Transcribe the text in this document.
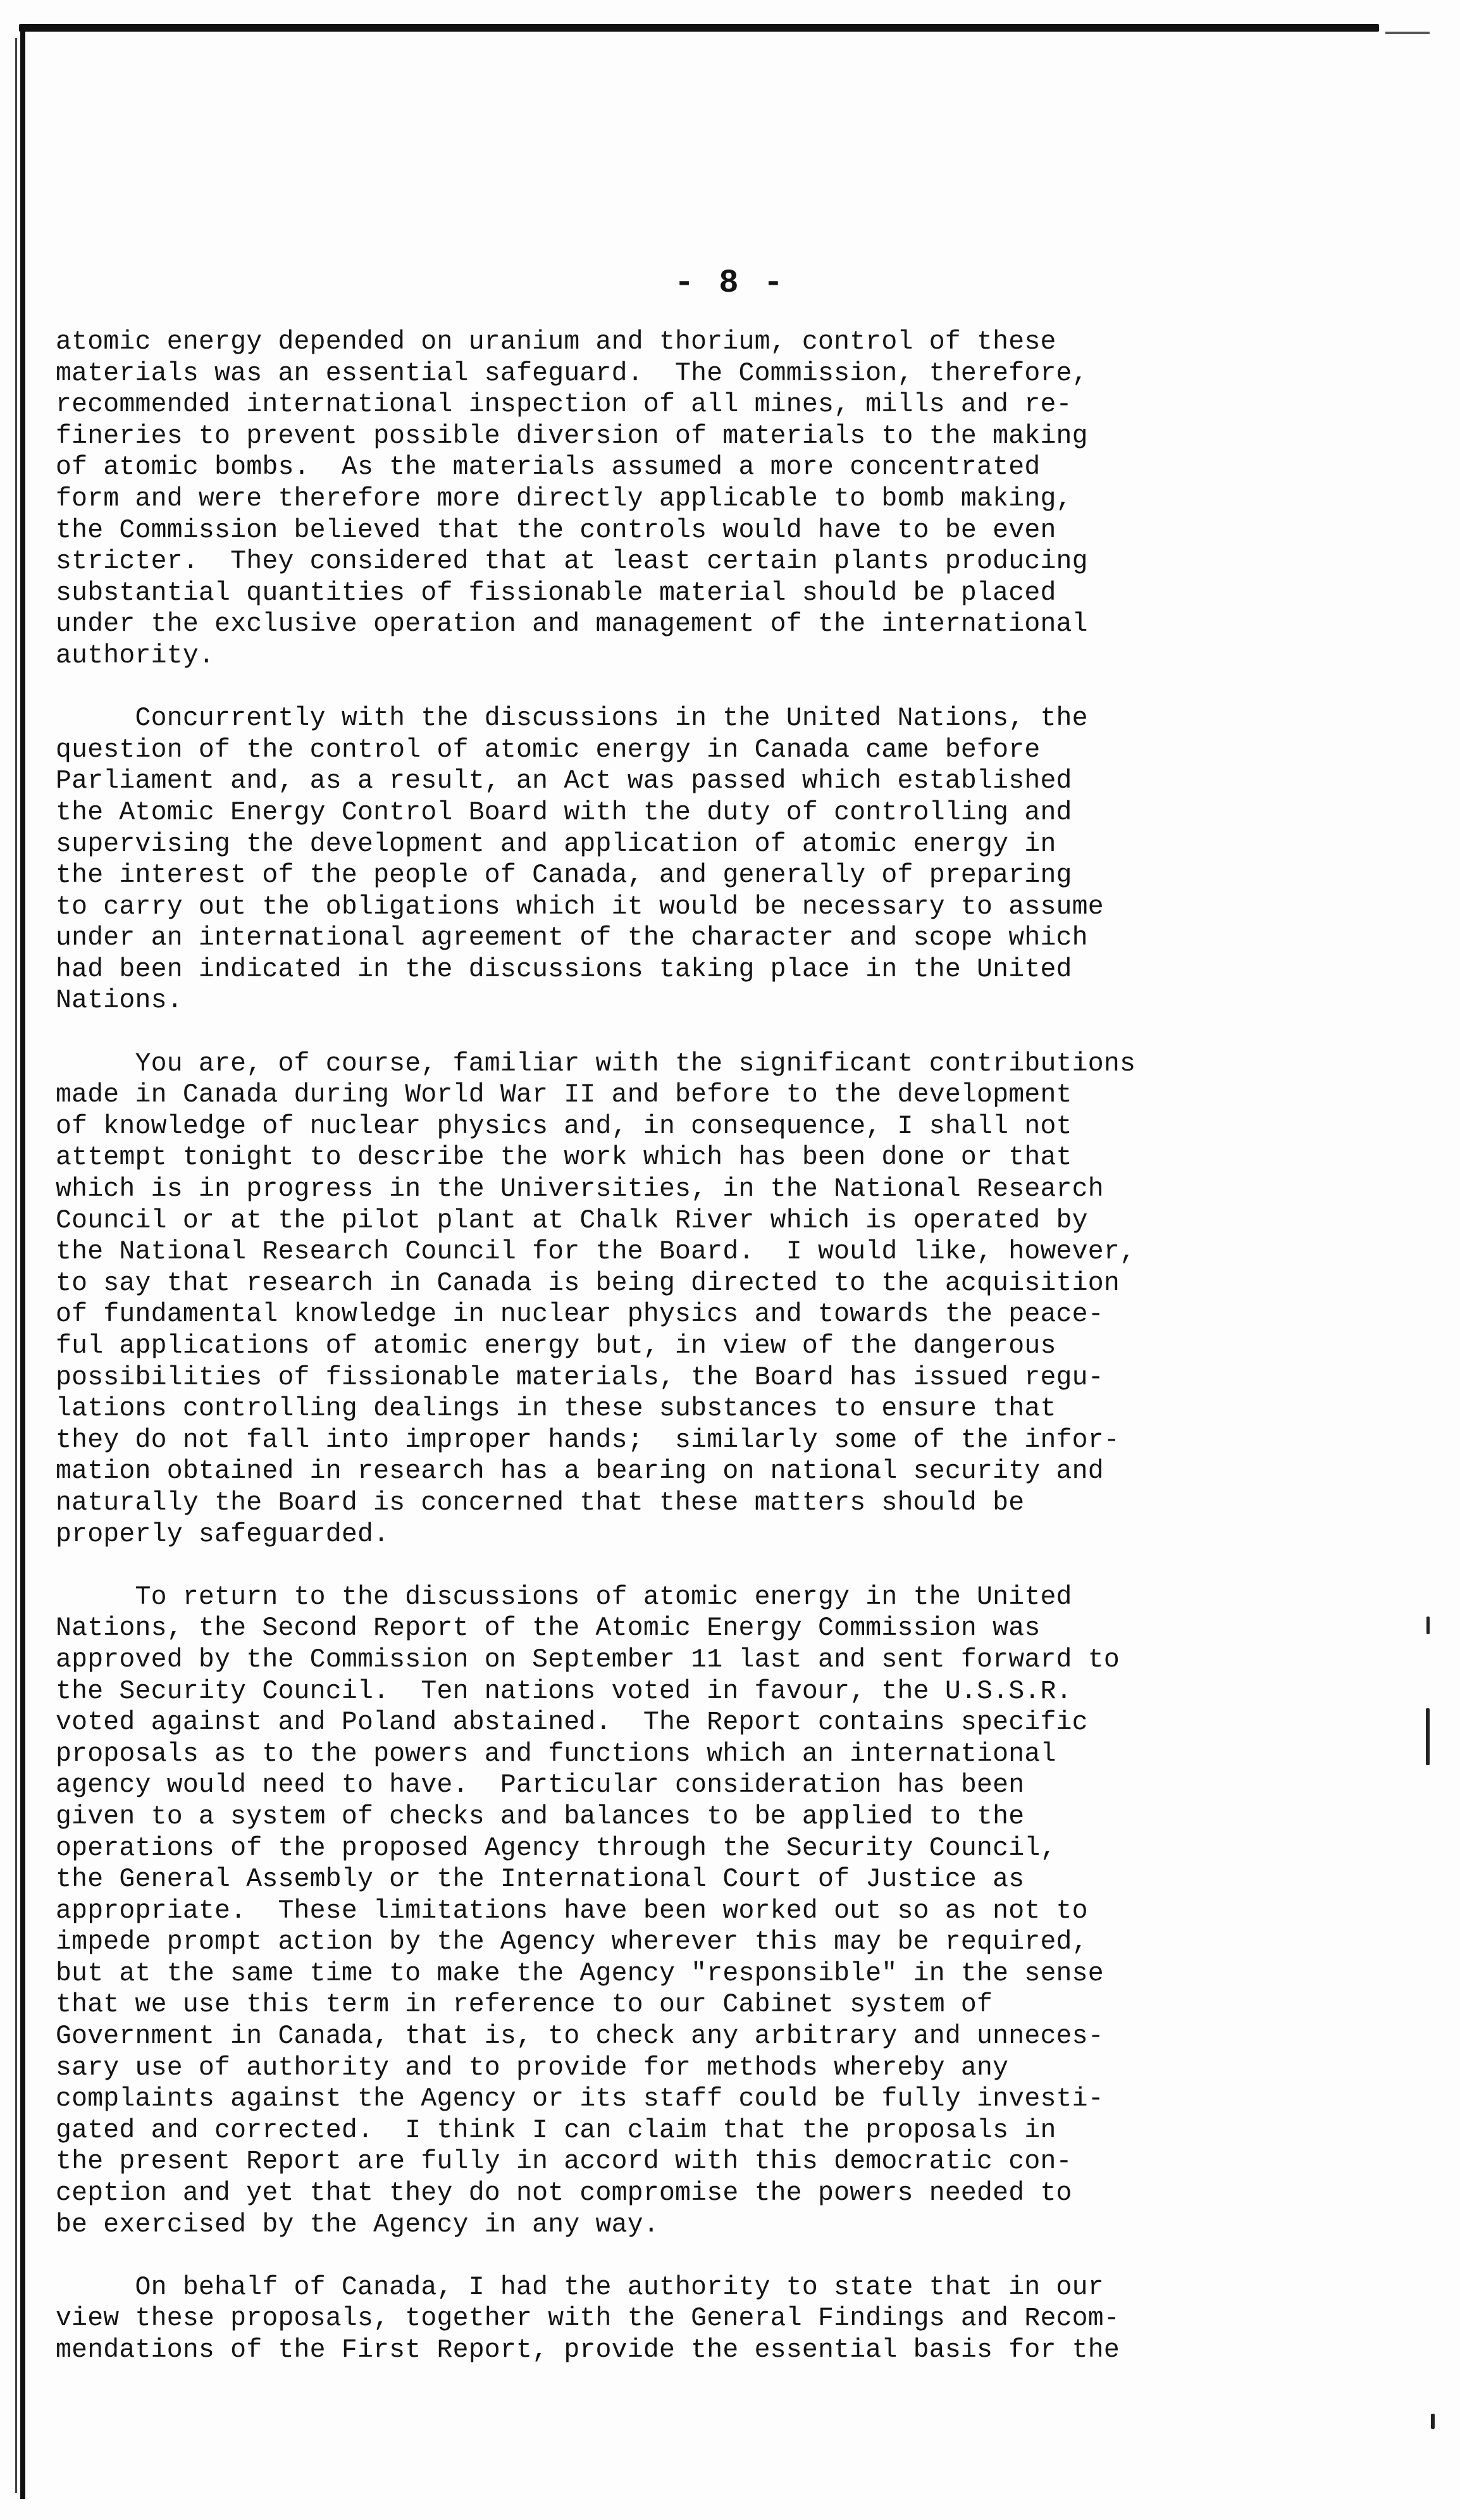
- 8 -

atomic energy depended on uranium and thorium, control of these
materials was an essential safeguard.  The Commission, therefore,
recommended international inspection of all mines, mills and re-
fineries to prevent possible diversion of materials to the making
of atomic bombs.  As the materials assumed a more concentrated
form and were therefore more directly applicable to bomb making,
the Commission believed that the controls would have to be even
stricter.  They considered that at least certain plants producing
substantial quantities of fissionable material should be placed
under the exclusive operation and management of the international
authority.

Concurrently with the discussions in the United Nations, the
question of the control of atomic energy in Canada came before
Parliament and, as a result, an Act was passed which established
the Atomic Energy Control Board with the duty of controlling and
supervising the development and application of atomic energy in
the interest of the people of Canada, and generally of preparing
to carry out the obligations which it would be necessary to assume
under an international agreement of the character and scope which
had been indicated in the discussions taking place in the United
Nations.

You are, of course, familiar with the significant contributions
made in Canada during World War II and before to the development
of knowledge of nuclear physics and, in consequence, I shall not
attempt tonight to describe the work which has been done or that
which is in progress in the Universities, in the National Research
Council or at the pilot plant at Chalk River which is operated by
the National Research Council for the Board.  I would like, however,
to say that research in Canada is being directed to the acquisition
of fundamental knowledge in nuclear physics and towards the peace-
ful applications of atomic energy but, in view of the dangerous
possibilities of fissionable materials, the Board has issued regu-
lations controlling dealings in these substances to ensure that
they do not fall into improper hands;  similarly some of the infor-
mation obtained in research has a bearing on national security and
naturally the Board is concerned that these matters should be
properly safeguarded.

To return to the discussions of atomic energy in the United
Nations, the Second Report of the Atomic Energy Commission was
approved by the Commission on September 11 last and sent forward to
the Security Council.  Ten nations voted in favour, the U.S.S.R.
voted against and Poland abstained.  The Report contains specific
proposals as to the powers and functions which an international
agency would need to have.  Particular consideration has been
given to a system of checks and balances to be applied to the
operations of the proposed Agency through the Security Council,
the General Assembly or the International Court of Justice as
appropriate.  These limitations have been worked out so as not to
impede prompt action by the Agency wherever this may be required,
but at the same time to make the Agency "responsible" in the sense
that we use this term in reference to our Cabinet system of
Government in Canada, that is, to check any arbitrary and unneces-
sary use of authority and to provide for methods whereby any
complaints against the Agency or its staff could be fully investi-
gated and corrected.  I think I can claim that the proposals in
the present Report are fully in accord with this democratic con-
ception and yet that they do not compromise the powers needed to
be exercised by the Agency in any way.

On behalf of Canada, I had the authority to state that in our
view these proposals, together with the General Findings and Recom-
mendations of the First Report, provide the essential basis for the
